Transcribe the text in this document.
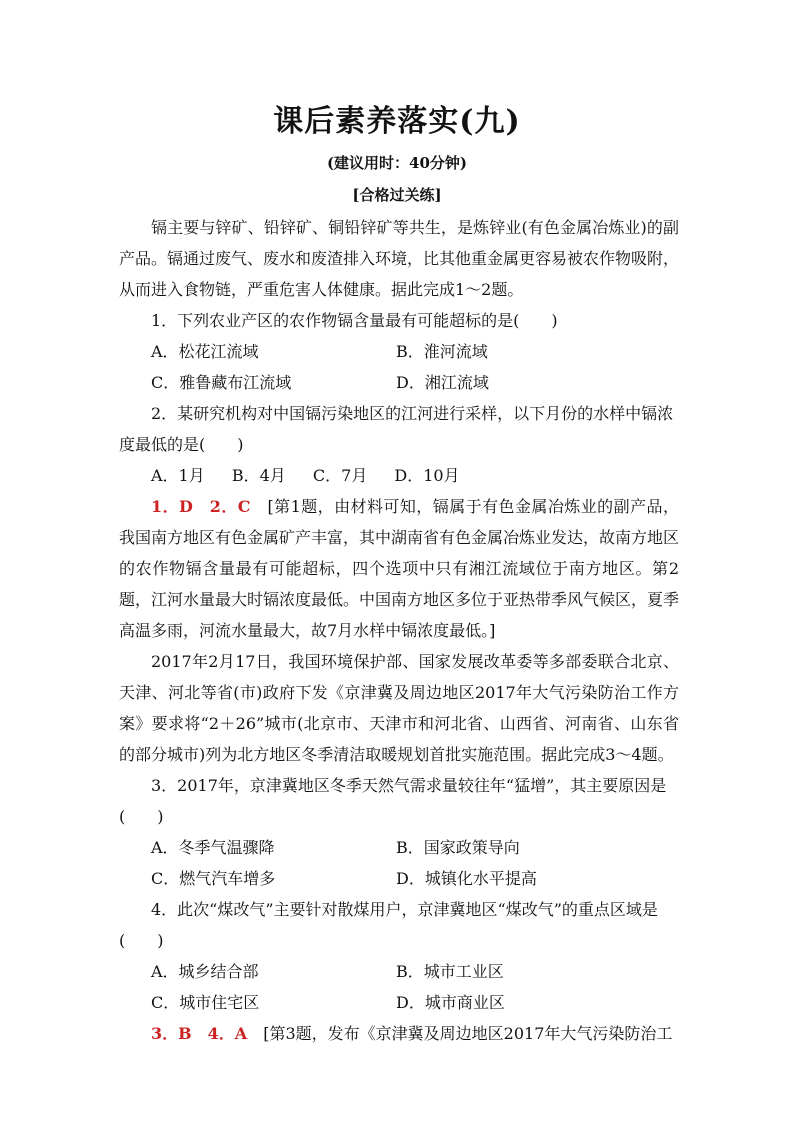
课后素养落实(九)
(建议用时：40分钟)
[合格过关练]

镉主要与锌矿、铅锌矿、铜铅锌矿等共生，是炼锌业(有色金属冶炼业)的副产品。镉通过废气、废水和废渣排入环境，比其他重金属更容易被农作物吸附，从而进入食物链，严重危害人体健康。据此完成1～2题。

1．下列农业产区的农作物镉含量最有可能超标的是(　　)

A．松花江流域	B．淮河流域
C．雅鲁藏布江流域	D．湘江流域

2．某研究机构对中国镉污染地区的江河进行采样，以下月份的水样中镉浓度最低的是(　　)

A．1月 B．4月 C．7月 D．10月

1．D　2．C　 [第1题，由材料可知，镉属于有色金属冶炼业的副产品，我国南方地区有色金属矿产丰富，其中湖南省有色金属冶炼业发达，故南方地区的农作物镉含量最有可能超标，四个选项中只有湘江流域位于南方地区。第2题，江河水量最大时镉浓度最低。中国南方地区多位于亚热带季风气候区，夏季高温多雨，河流水量最大，故7月水样中镉浓度最低。]

2017年2月17日，我国环境保护部、国家发展改革委等多部委联合北京、天津、河北等省(市)政府下发《京津冀及周边地区2017年大气污染防治工作方案》要求将“2＋26”城市(北京市、天津市和河北省、山西省、河南省、山东省的部分城市)列为北方地区冬季清洁取暖规划首批实施范围。据此完成3～4题。

3．2017年，京津冀地区冬季天然气需求量较往年“猛增”，其主要原因是(　　)

A．冬季气温骤降	B．国家政策导向
C．燃气汽车增多	D．城镇化水平提高

4．此次“煤改气”主要针对散煤用户，京津冀地区“煤改气”的重点区域是(　　)

A．城乡结合部	B．城市工业区
C．城市住宅区	D．城市商业区

3．B　4．A　 [第3题，发布《京津冀及周边地区2017年大气污染防治工
